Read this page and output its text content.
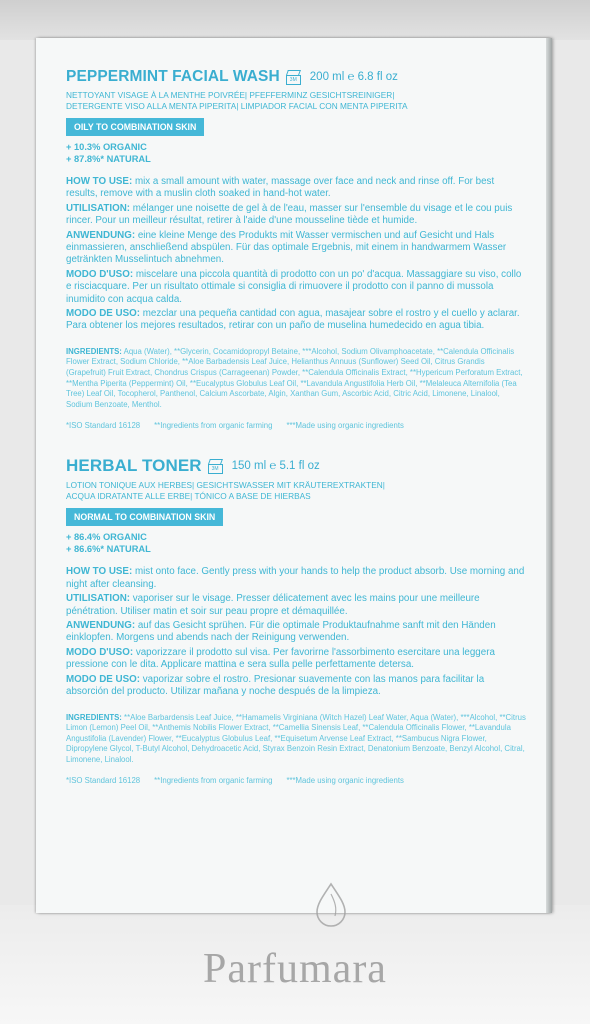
PEPPERMINT FACIAL WASH	3M	200 ml ℮ 6.8 fl oz
NETTOYANT VISAGE À LA MENTHE POIVRÉE| PFEFFERMINZ GESICHTSREINIGER|
DETERGENTE VISO ALLA MENTA PIPERITA| LIMPIADOR FACIAL CON MENTA PIPERITA
OILY TO COMBINATION SKIN
+ 10.3% ORGANIC
+ 87.8%* NATURAL

HOW TO USE: mix a small amount with water, massage over face and neck and rinse off. For best results, remove with a muslin cloth soaked in hand-hot water.

UTILISATION: mélanger une noisette de gel à de l'eau, masser sur l'ensemble du visage et le cou puis rincer. Pour un meilleur résultat, retirer à l'aide d'une mousseline tiède et humide.

ANWENDUNG: eine kleine Menge des Produkts mit Wasser vermischen und auf Gesicht und Hals einmassieren, anschließend abspülen. Für das optimale Ergebnis, mit einem in handwarmem Wasser getränkten Musselintuch abnehmen.

MODO D'USO: miscelare una piccola quantità di prodotto con un po' d'acqua. Massaggiare su viso, collo e risciacquare. Per un risultato ottimale si consiglia di rimuovere il prodotto con il panno di mussola inumidito con acqua calda.

MODO DE USO: mezclar una pequeña cantidad con agua, masajear sobre el rostro y el cuello y aclarar. Para obtener los mejores resultados, retirar con un paño de muselina humedecido en agua tibia.

INGREDIENTS: Aqua (Water), **Glycerin, Cocamidopropyl Betaine, ***Alcohol, Sodium Olivamphoacetate, **Calendula Officinalis Flower Extract, Sodium Chloride, **Aloe Barbadensis Leaf Juice, Helianthus Annuus (Sunflower) Seed Oil, Citrus Grandis (Grapefruit) Fruit Extract, Chondrus Crispus (Carrageenan) Powder, **Calendula Officinalis Extract, **Hypericum Perforatum Extract, **Mentha Piperita (Peppermint) Oil, **Eucalyptus Globulus Leaf Oil, **Lavandula Angustifolia Herb Oil, **Melaleuca Alternifolia (Tea Tree) Leaf Oil, Tocopherol, Panthenol, Calcium Ascorbate, Algin, Xanthan Gum, Ascorbic Acid, Citric Acid, Limonene, Linalool, Sodium Benzoate, Menthol.
*ISO Standard 16128 **Ingredients from organic farming ***Made using organic ingredients
HERBAL TONER	3M	150 ml ℮ 5.1 fl oz
LOTION TONIQUE AUX HERBES| GESICHTSWASSER MIT KRÄUTEREXTRAKTEN|
ACQUA IDRATANTE ALLE ERBE| TÓNICO A BASE DE HIERBAS
NORMAL TO COMBINATION SKIN
+ 86.4% ORGANIC
+ 86.6%* NATURAL

HOW TO USE: mist onto face. Gently press with your hands to help the product absorb. Use morning and night after cleansing.

UTILISATION: vaporiser sur le visage. Presser délicatement avec les mains pour une meilleure pénétration. Utiliser matin et soir sur peau propre et démaquillée.

ANWENDUNG: auf das Gesicht sprühen. Für die optimale Produktaufnahme sanft mit den Händen einklopfen. Morgens und abends nach der Reinigung verwenden.

MODO D'USO: vaporizzare il prodotto sul visa. Per favorirne l'assorbimento esercitare una leggera pressione con le dita. Applicare mattina e sera sulla pelle perfettamente detersa.

MODO DE USO: vaporizar sobre el rostro. Presionar suavemente con las manos para facilitar la absorción del producto. Utilizar mañana y noche después de la limpieza.

INGREDIENTS: **Aloe Barbardensis Leaf Juice, **Hamamelis Virginiana (Witch Hazel) Leaf Water, Aqua (Water), ***Alcohol, **Citrus Limon (Lemon) Peel Oil, **Anthemis Nobilis Flower Extract, **Camellia Sinensis Leaf, **Calendula Officinalis Flower, **Lavandula Angustifolia (Lavender) Flower, **Eucalyptus Globulus Leaf, **Equisetum Arvense Leaf Extract, **Sambucus Nigra Flower, Dipropylene Glycol, T-Butyl Alcohol, Dehydroacetic Acid, Styrax Benzoin Resin Extract, Denatonium Benzoate, Benzyl Alcohol, Citral, Limonene, Linalool.
*ISO Standard 16128 **Ingredients from organic farming ***Made using organic ingredients
Parfumara
